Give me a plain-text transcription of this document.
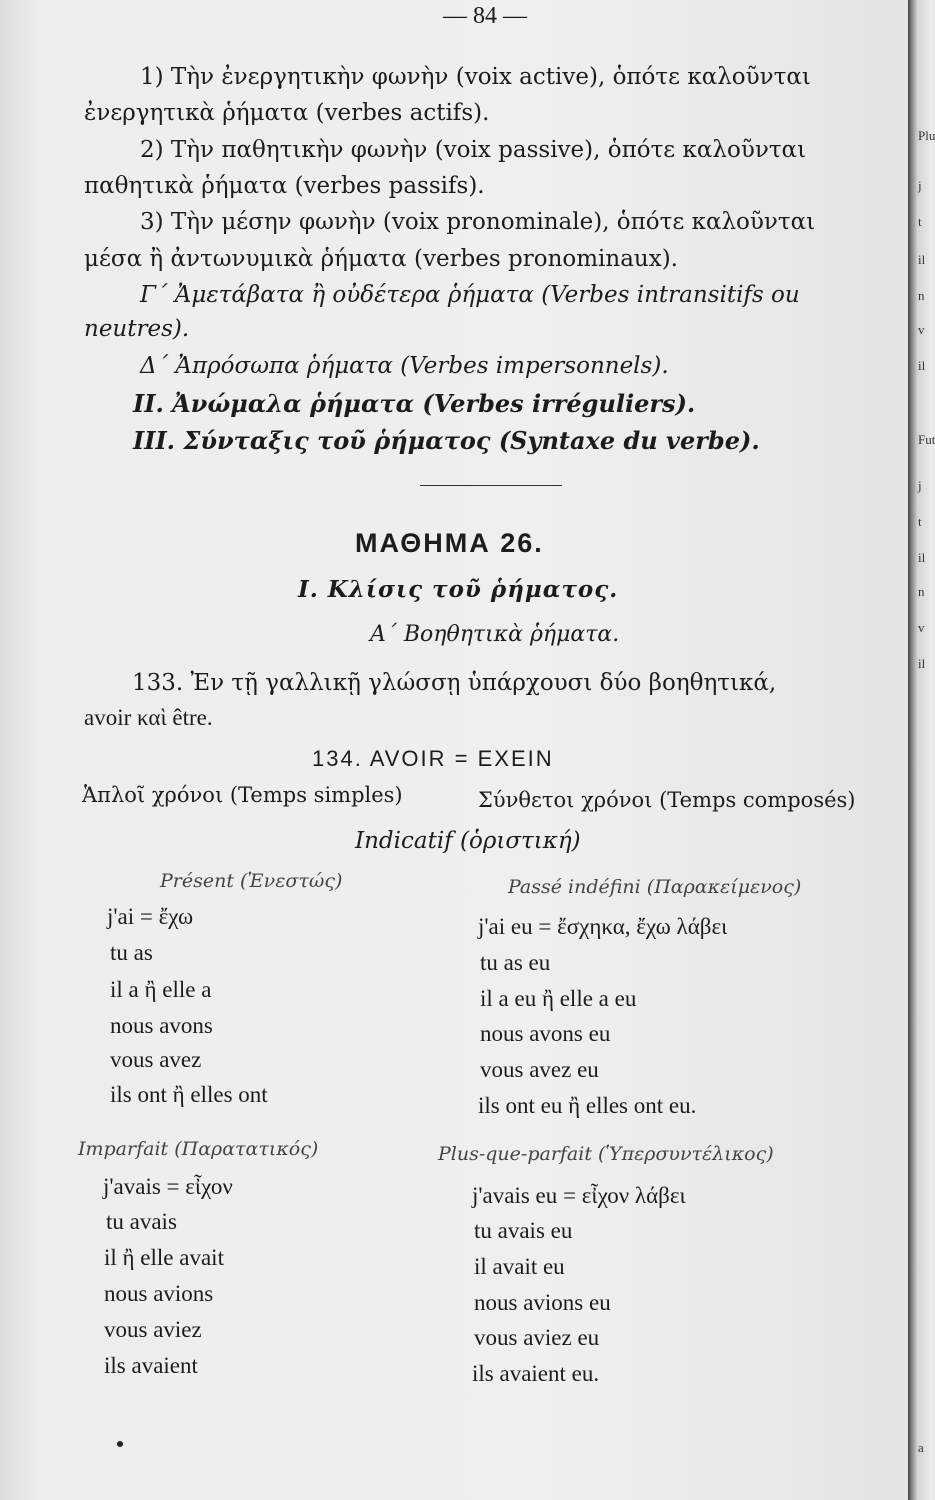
— 84 —
1) Τὴν ἐνεργητικὴν φωνὴν (voix active), ὁπότε καλοῦνται
ἐνεργητικὰ ῥήματα (verbes actifs).
2) Τὴν παθητικὴν φωνὴν (voix passive), ὁπότε καλοῦνται
παθητικὰ ῥήματα (verbes passifs).
3) Τὴν μέσην φωνὴν (voix pronominale), ὁπότε καλοῦνται
μέσα ἢ ἀντωνυμικὰ ῥήματα (verbes pronominaux).
Γ΄ Ἀμετάβατα ἢ οὐδέτερα ῥήματα (Verbes intransitifs ou
neutres).
Δ΄ Ἀπρόσωπα ῥήματα (Verbes impersonnels).
II. Ἀνώμαλα ῥήματα (Verbes irréguliers).
III. Σύνταξις τοῦ ῥήματος (Syntaxe du verbe).
ΜΑΘΗΜΑ 26.
I. Κλίσις τοῦ ῥήματος.
Α΄ Βοηθητικὰ ῥήματα.
133. Ἐν τῇ γαλλικῇ γλώσσῃ ὑπάρχουσι δύο βοηθητικά,
avoir καὶ être.
134. AVOIR = EXEIN
Ἁπλοῖ χρόνοι (Temps simples)	Σύνθετοι χρόνοι (Temps composés)
Indicatif (ὁριστική)
Présent (Ἐνεστώς)
j'ai = ἔχω
tu as
il a ἢ elle a
nous avons
vous avez
ils ont ἢ elles ont
Passé indéfini (Παρακείμενος)
j'ai eu = ἔσχηκα, ἔχω λάβει
tu as eu
il a eu ἢ elle a eu
nous avons eu
vous avez eu
ils ont eu ἢ elles ont eu.
Imparfait (Παρατατικός)
j'avais = εἶχον
tu avais
il ἢ elle avait
nous avions
vous aviez
ils avaient
Plus-que-parfait (Ὑπερσυντέλικος)
j'avais eu = εἶχον λάβει
tu avais eu
il avait eu
nous avions eu
vous aviez eu
ils avaient eu.
Plu
j
t
il
n
v
il
Fut
j
t
il
n
v
il
a
